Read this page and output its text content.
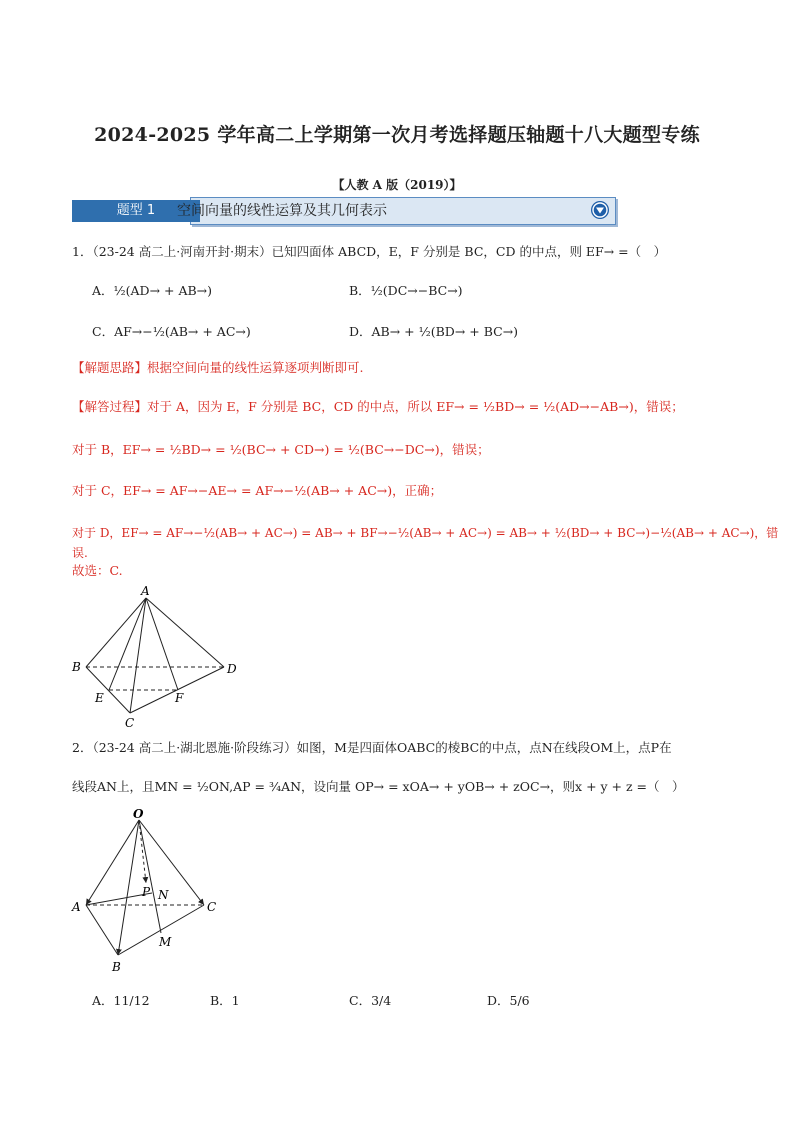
2024-2025 学年高二上学期第一次月考选择题压轴题十八大题型专练
【人教 A 版（2019）】
题型 1	空间向量的线性运算及其几何表示
1．（23-24 高二上·河南开封·期末）已知四面体 ABCD，E，F 分别是 BC，CD 的中点，则 EF→ =（　）
A．½(AD→ + AB→)	B．½(DC→−BC→)
C．AF→−½(AB→ + AC→)	D．AB→ + ½(BD→ + BC→)
【解题思路】根据空间向量的线性运算逐项判断即可.
【解答过程】对于 A，因为 E，F 分别是 BC，CD 的中点，所以 EF→ = ½BD→ = ½(AD→−AB→)，错误；
对于 B，EF→ = ½BD→ = ½(BC→ + CD→) = ½(BC→−DC→)，错误；
对于 C，EF→ = AF→−AE→ = AF→−½(AB→ + AC→)，正确；
对于 D，EF→ = AF→−½(AB→ + AC→) = AB→ + BF→−½(AB→ + AC→) = AB→ + ½(BD→ + BC→)−½(AB→ + AC→)，错误.
故选：C.
A
B	D
E	F
C
2．（23-24 高二上·湖北恩施·阶段练习）如图，M是四面体OABC的棱BC的中点，点N在线段OM上，点P在
线段AN上，且MN = ½ON,AP = ¾AN，设向量 OP→ = xOA→ + yOB→ + zOC→，则x + y + z =（　）
O
P N
A	C
M
B
A．11/12	B．1	C．3/4	D．5/6
